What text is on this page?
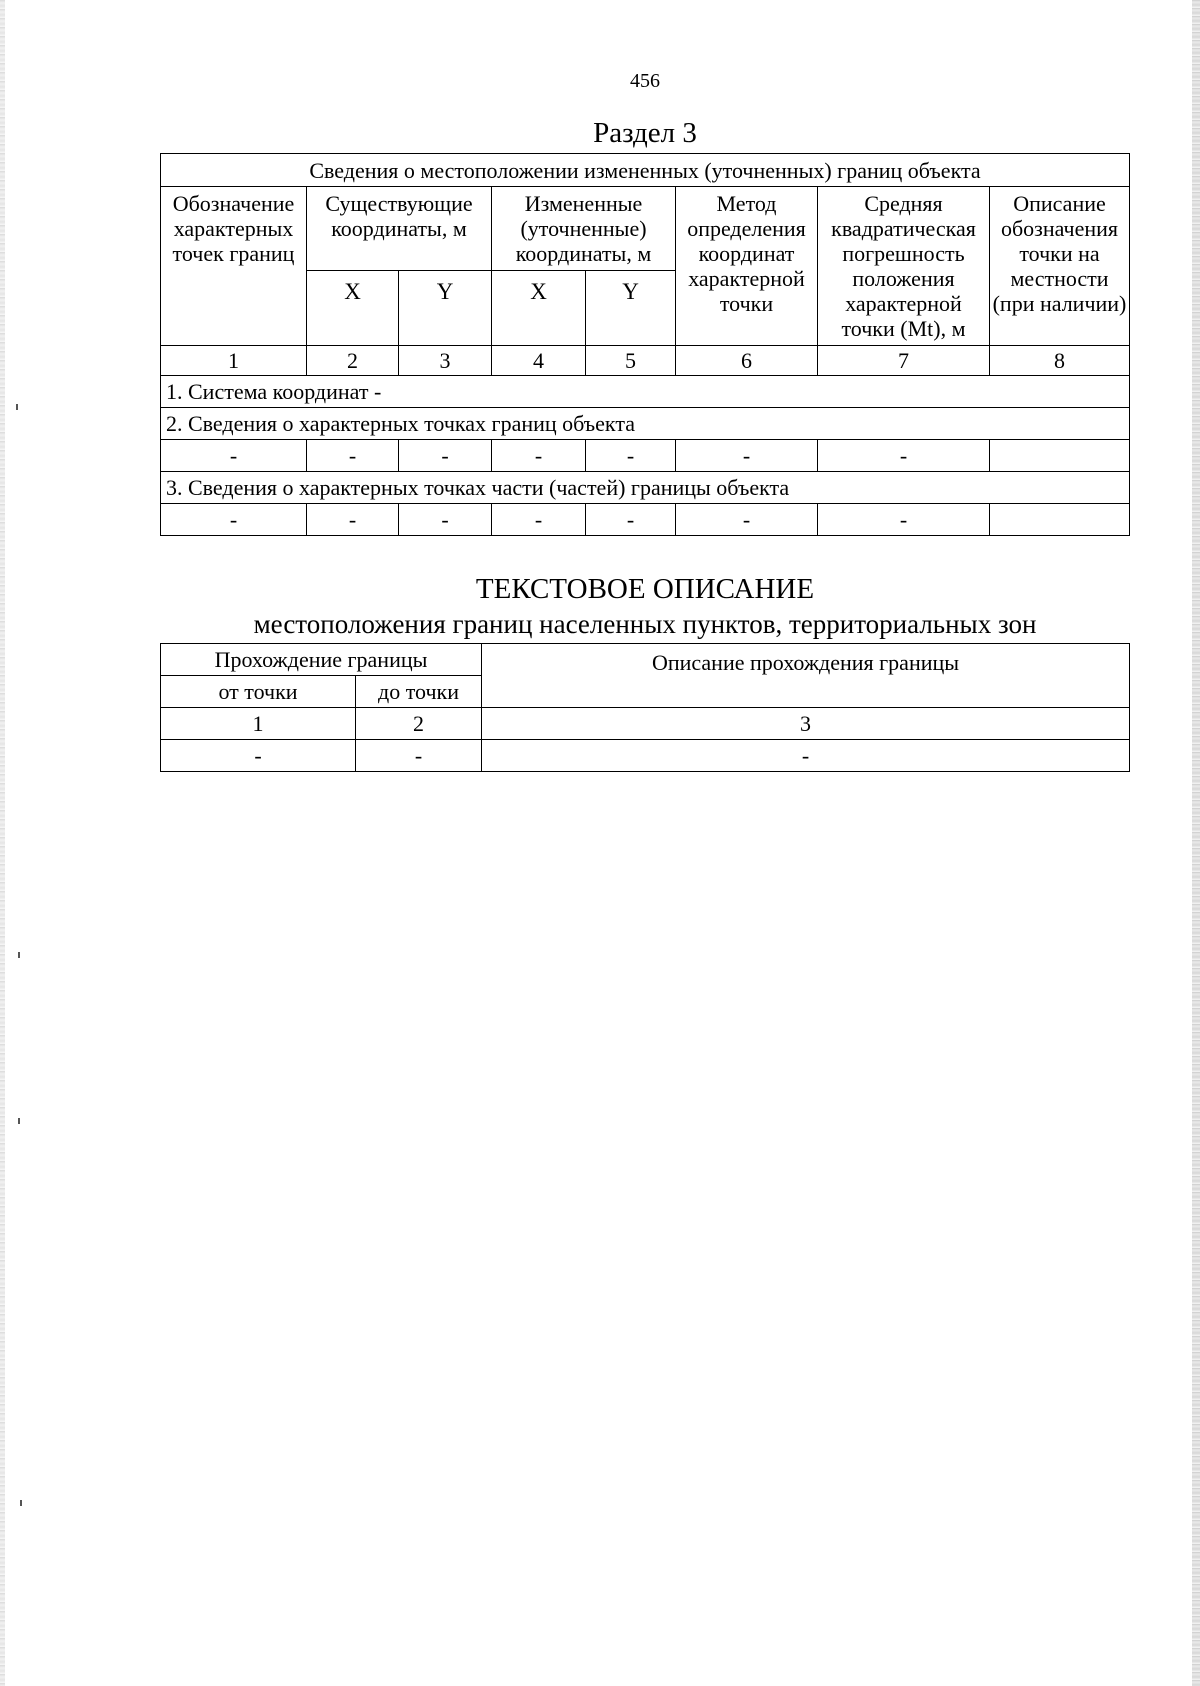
456
Раздел 3
Сведения о местоположении измененных (уточненных) границ объекта							
Обозначение характерных точек границ	Существующие координаты, м		Измененные (уточненные) координаты, м		Метод определения координат характерной точки	Средняя квадратическая погрешность положения характерной точки (Mt), м	Описание обозначения точки на местности (при наличии)
	X	Y	X	Y			
1	2	3	4	5	6	7	8
1. Система координат -							
2. Сведения о характерных точках границ объекта							
-	-	-	-	-	-	-	
3. Сведения о характерных точках части (частей) границы объекта							
-	-	-	-	-	-	-	
ТЕКСТОВОЕ ОПИСАНИЕ
местоположения границ населенных пунктов, территориальных зон
Прохождение границы		Описание прохождения границы
от точки	до точки	
1	2	3
-	-	-
